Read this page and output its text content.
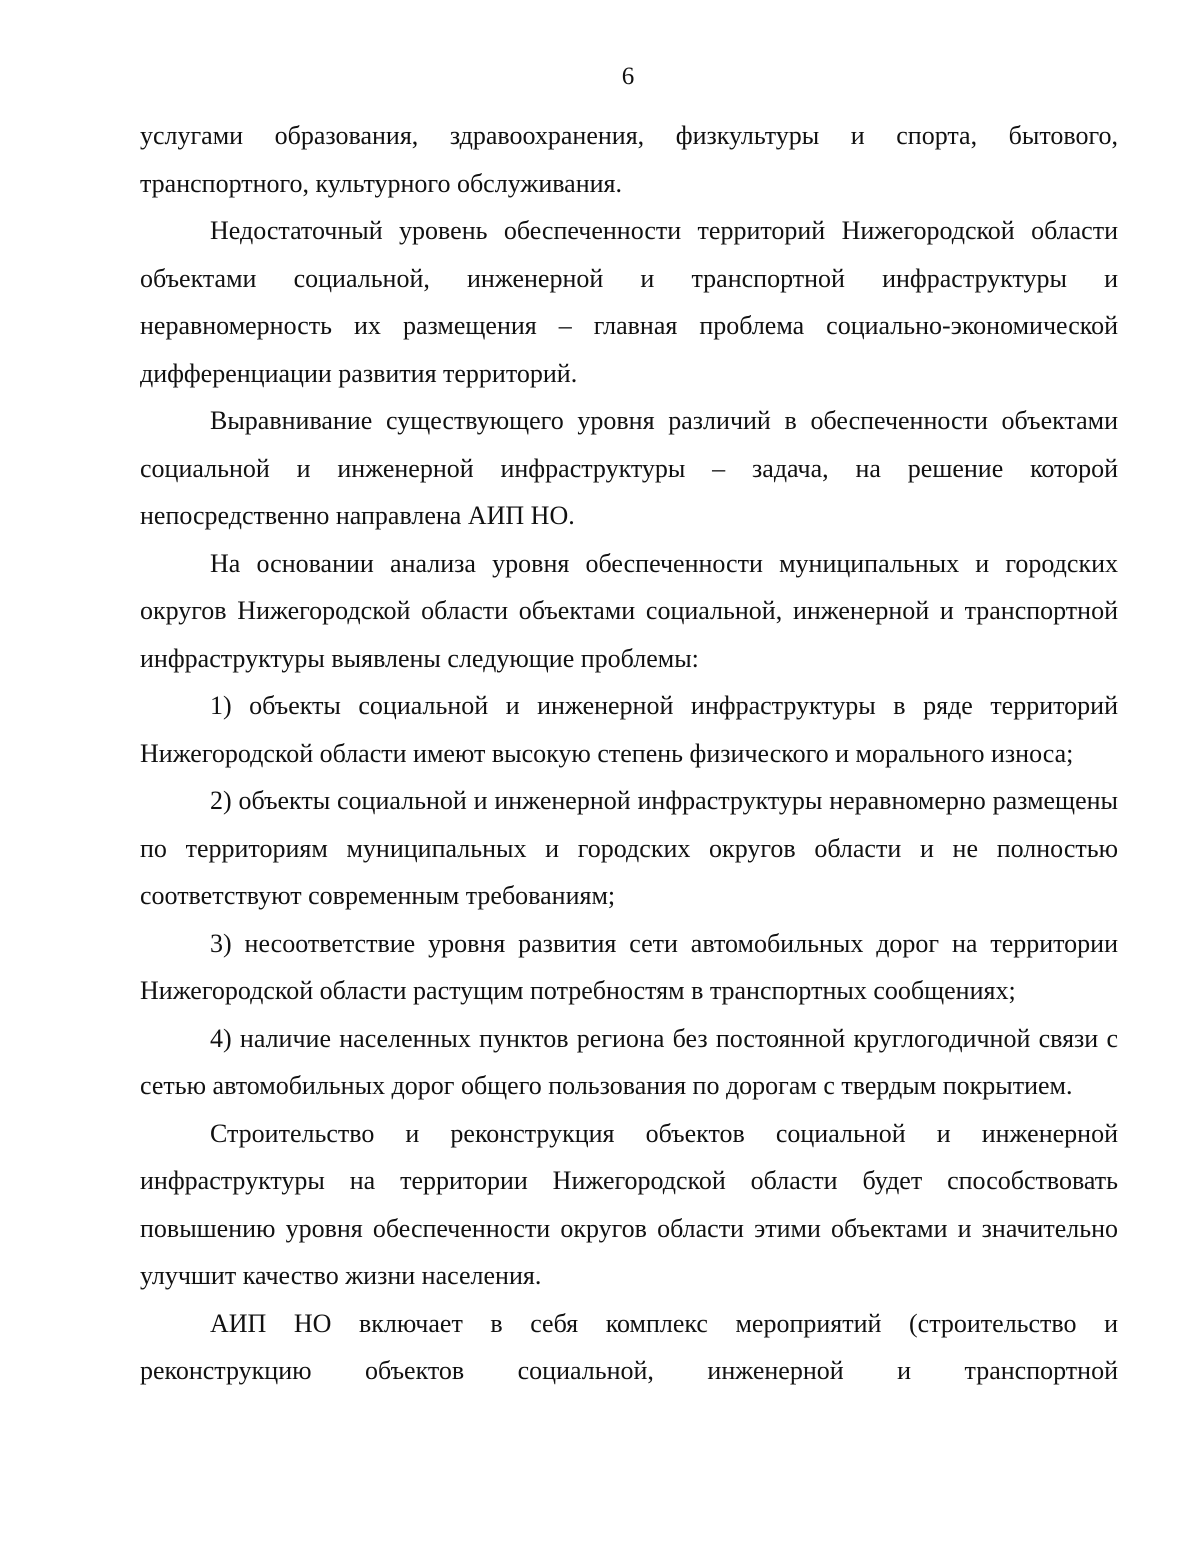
6

услугами образования, здравоохранения, физкультуры и спорта, бытового, транспортного, культурного обслуживания.

Недостаточный уровень обеспеченности территорий Нижегородской области объектами социальной, инженерной и транспортной инфраструктуры и неравномерность их размещения – главная проблема социально-экономической дифференциации развития территорий.

Выравнивание существующего уровня различий в обеспеченности объектами социальной и инженерной инфраструктуры – задача, на решение которой непосредственно направлена АИП НО.

На основании анализа уровня обеспеченности муниципальных и городских округов Нижегородской области объектами социальной, инженерной и транспортной инфраструктуры выявлены следующие проблемы:

1) объекты социальной и инженерной инфраструктуры в ряде территорий Нижегородской области имеют высокую степень физического и морального износа;

2) объекты социальной и инженерной инфраструктуры неравномерно размещены по территориям муниципальных и городских округов области и не полностью соответствуют современным требованиям;

3) несоответствие уровня развития сети автомобильных дорог на территории Нижегородской области растущим потребностям в транспортных сообщениях;

4) наличие населенных пунктов региона без постоянной круглогодичной связи с сетью автомобильных дорог общего пользования по дорогам с твердым покрытием.

Строительство и реконструкция объектов социальной и инженерной инфраструктуры на территории Нижегородской области будет способствовать повышению уровня обеспеченности округов области этими объектами и значительно улучшит качество жизни населения.

АИП НО включает в себя комплекс мероприятий (строительство и реконструкцию объектов социальной, инженерной и транспортной
